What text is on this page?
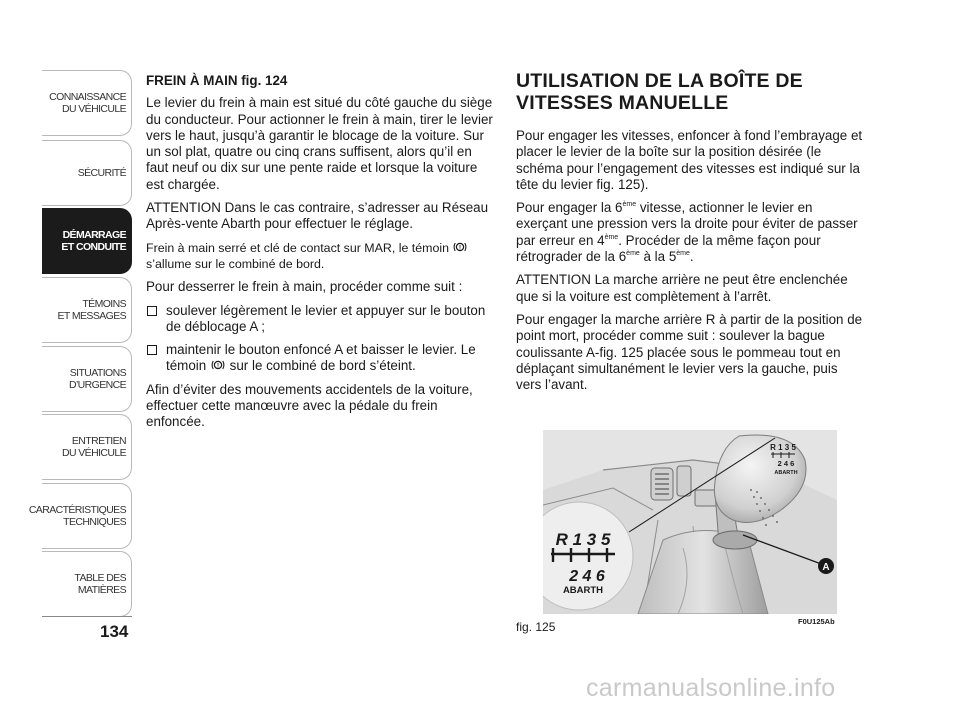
CONNAISSANCE
DU VÉHICULE
SÉCURITÉ
DÉMARRAGE
ET CONDUITE
TÉMOINS
ET MESSAGES
SITUATIONS
D’URGENCE
ENTRETIEN
DU VÉHICULE
CARACTÉRISTIQUES
TECHNIQUES
TABLE DES
MATIÈRES
134

FREIN À MAIN fig. 124

Le levier du frein à main est situé du côté gauche du siège du conducteur. Pour actionner le frein à main, tirer le levier vers le haut, jusqu’à garantir le blocage de la voiture. Sur un sol plat, quatre ou cinq crans suffisent, alors qu’il en faut neuf ou dix sur une pente raide et lorsque la voiture est chargée.

ATTENTION Dans le cas contraire, s’adresser au Réseau Après-vente Abarth pour effectuer le réglage.

Frein à main serré et clé de contact sur MAR, le témoin !
s’allume sur le combiné de bord.

Pour desserrer le frein à main, procéder comme suit :

soulever légèrement le levier et appuyer sur le bouton de déblocage A ;
maintenir le bouton enfoncé A et baisser le levier. Le témoin ! sur le combiné de bord s’éteint.

Afin d’éviter des mouvements accidentels de la voiture, effectuer cette manœuvre avec la pédale du frein enfoncée.

UTILISATION DE LA BOÎTE DE
VITESSES MANUELLE

Pour engager les vitesses, enfoncer à fond l’embrayage et placer le levier de la boîte sur la position désirée (le schéma pour l’engagement des vitesses est indiqué sur la tête du levier fig. 125).

Pour engager la 6ème vitesse, actionner le levier en exerçant une pression vers la droite pour éviter de passer par erreur en 4ème. Procéder de la même façon pour rétrograder de la 6ème à la 5ème.

ATTENTION La marche arrière ne peut être enclenchée que si la voiture est complètement à l’arrêt.

Pour engager la marche arrière R à partir de la position de point mort, procéder comme suit : soulever la bague coulissante A-fig. 125 placée sous le pommeau tout en déplaçant simultanément le levier vers la gauche, puis vers l’avant.

R 1 3 5
2 4 6
ABARTH
R 1 3 5
2 4 6
ABARTH
A
fig. 125	F0U125Ab
carmanualsonline.info
